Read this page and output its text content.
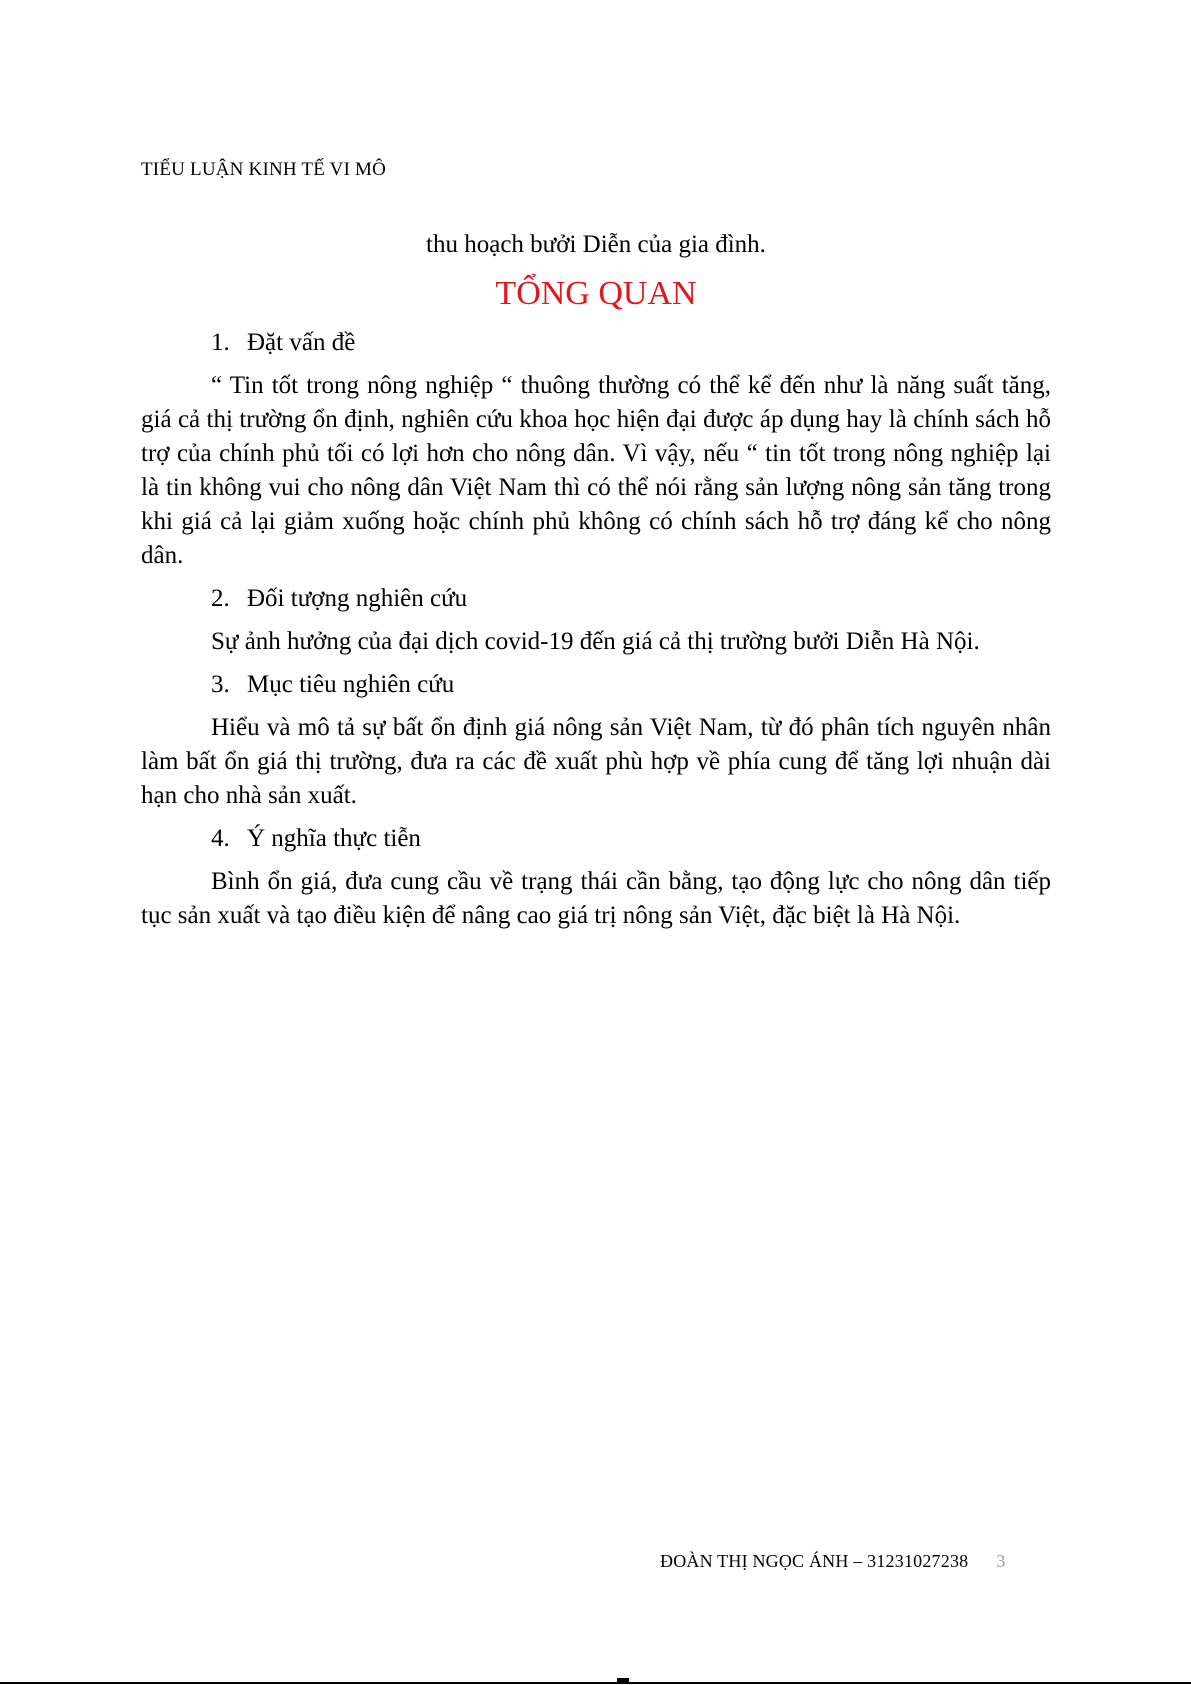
TIỂU LUẬN KINH TẾ VI MÔ

thu hoạch bưởi Diễn của gia đình.

TỔNG QUAN
1. Đặt vấn đề

“ Tin tốt trong nông nghiệp “ thuông thường có thể kể đến như là năng suất tăng, giá cả thị trường ổn định, nghiên cứu khoa học hiện đại được áp dụng hay là chính sách hỗ trợ của chính phủ tối có lợi hơn cho nông dân. Vì vậy, nếu “ tin tốt trong nông nghiệp lại là tin không vui cho nông dân Việt Nam thì có thể nói rằng sản lượng nông sản tăng trong khi giá cả lại giảm xuống hoặc chính phủ không có chính sách hỗ trợ đáng kể cho nông dân.

2. Đối tượng nghiên cứu

Sự ảnh hưởng của đại dịch covid-19 đến giá cả thị trường bưởi Diễn Hà Nội.

3. Mục tiêu nghiên cứu

Hiểu và mô tả sự bất ổn định giá nông sản Việt Nam, từ đó phân tích nguyên nhân làm bất ổn giá thị trường, đưa ra các đề xuất phù hợp về phía cung để tăng lợi nhuận dài hạn cho nhà sản xuất.

4. Ý nghĩa thực tiễn

Bình ổn giá, đưa cung cầu về trạng thái cần bằng, tạo động lực cho nông dân tiếp tục sản xuất và tạo điều kiện để nâng cao giá trị nông sản Việt, đặc biệt là Hà Nội.

ĐOÀN THỊ NGỌC ÁNH – 31231027238 3
